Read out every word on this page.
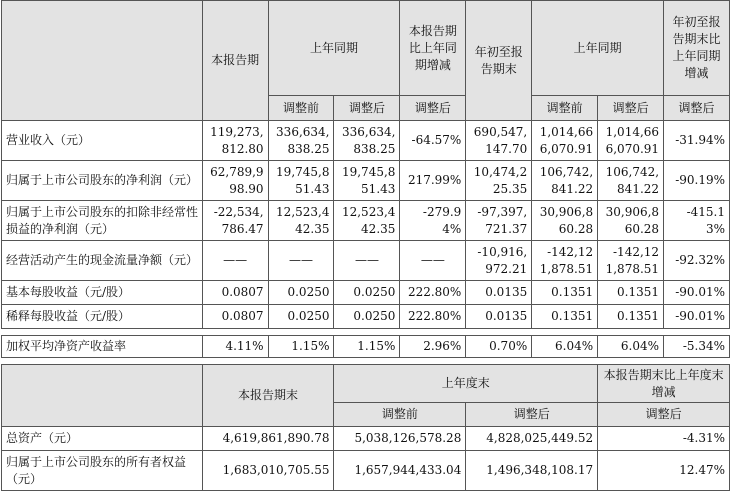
	本报告期	上年同期		本报告期比上年同期增减	年初至报告期末	上年同期		年初至报告期末比上年同期增减
		调整前	调整后	调整后		调整前	调整后	调整后
营业收入（元）	119,273,812.80	336,634,838.25	336,634,838.25	-64.57%	690,547,147.70	1,014,666,070.91	1,014,666,070.91	-31.94%
归属于上市公司股东的净利润（元）	62,789,998.90	19,745,851.43	19,745,851.43	217.99%	10,474,225.35	106,742,841.22	106,742,841.22	-90.19%
归属于上市公司股东的扣除非经常性损益的净利润（元）	-22,534,786.47	12,523,442.35	12,523,442.35	-279.94%	-97,397,721.37	30,906,860.28	30,906,860.28	-415.13%
经营活动产生的现金流量净额（元）	——	——	——	——	-10,916,972.21	-142,121,878.51	-142,121,878.51	-92.32%
基本每股收益（元/股）	0.0807	0.0250	0.0250	222.80%	0.0135	0.1351	0.1351	-90.01%
稀释每股收益（元/股）	0.0807	0.0250	0.0250	222.80%	0.0135	0.1351	0.1351	-90.01%

加权平均净资产收益率	4.11%	1.15%	1.15%	2.96%	0.70%	6.04%	6.04%	-5.34%

	本报告期末		上年度末				本报告期末比上年度末增减	
			调整前		调整后		调整后	
总资产（元）	4,619,861,890.78		5,038,126,578.28		4,828,025,449.52		-4.31%	
归属于上市公司股东的所有者权益（元）	1,683,010,705.55		1,657,944,433.04		1,496,348,108.17		12.47%	
